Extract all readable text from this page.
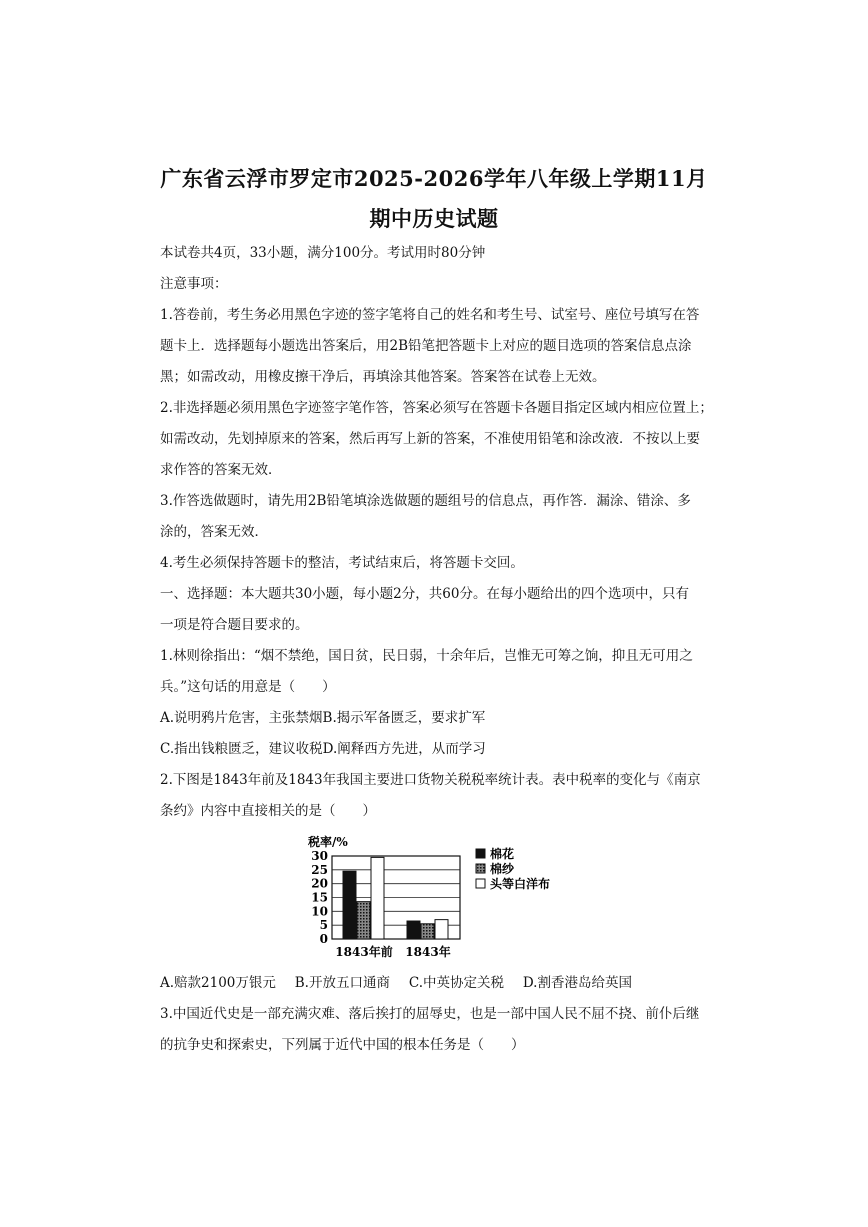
广东省云浮市罗定市2025-2026学年八年级上学期11月
期中历史试题
本试卷共4页，33小题，满分100分。考试用时80分钟
注意事项：
1.答卷前，考生务必用黑色字迹的签字笔将自己的姓名和考生号、试室号、座位号填写在答
题卡上．选择题每小题选出答案后，用2B铅笔把答题卡上对应的题目选项的答案信息点涂
黑；如需改动，用橡皮擦干净后，再填涂其他答案。答案答在试卷上无效。
2.非选择题必须用黑色字迹签字笔作答，答案必须写在答题卡各题目指定区域内相应位置上；
如需改动，先划掉原来的答案，然后再写上新的答案，不准使用铅笔和涂改液．不按以上要
求作答的答案无效．
3.作答选做题时，请先用2B铅笔填涂选做题的题组号的信息点，再作答．漏涂、错涂、多
涂的，答案无效．
4.考生必须保持答题卡的整洁，考试结束后，将答题卡交回。
一、选择题：本大题共30小题，每小题2分，共60分。在每小题给出的四个选项中，只有
一项是符合题目要求的。
1.林则徐指出：“烟不禁绝，国日贫，民日弱，十余年后，岂惟无可筹之饷，抑且无可用之
兵。”这句话的用意是（　　）
A.说明鸦片危害，主张禁烟B.揭示军备匮乏，要求扩军
C.指出钱粮匮乏，建议收税D.阐释西方先进，从而学习
2.下图是1843年前及1843年我国主要进口货物关税税率统计表。表中税率的变化与《南京
条约》内容中直接相关的是（　　）
税率/%
0
5
10
15
20
25
30
1843年前 1843年
棉花
棉纱
头等白洋布
A.赔款2100万银元 B.开放五口通商 C.中英协定关税 D.割香港岛给英国
3.中国近代史是一部充满灾难、落后挨打的屈辱史，也是一部中国人民不屈不挠、前仆后继
的抗争史和探索史，下列属于近代中国的根本任务是（　　）
